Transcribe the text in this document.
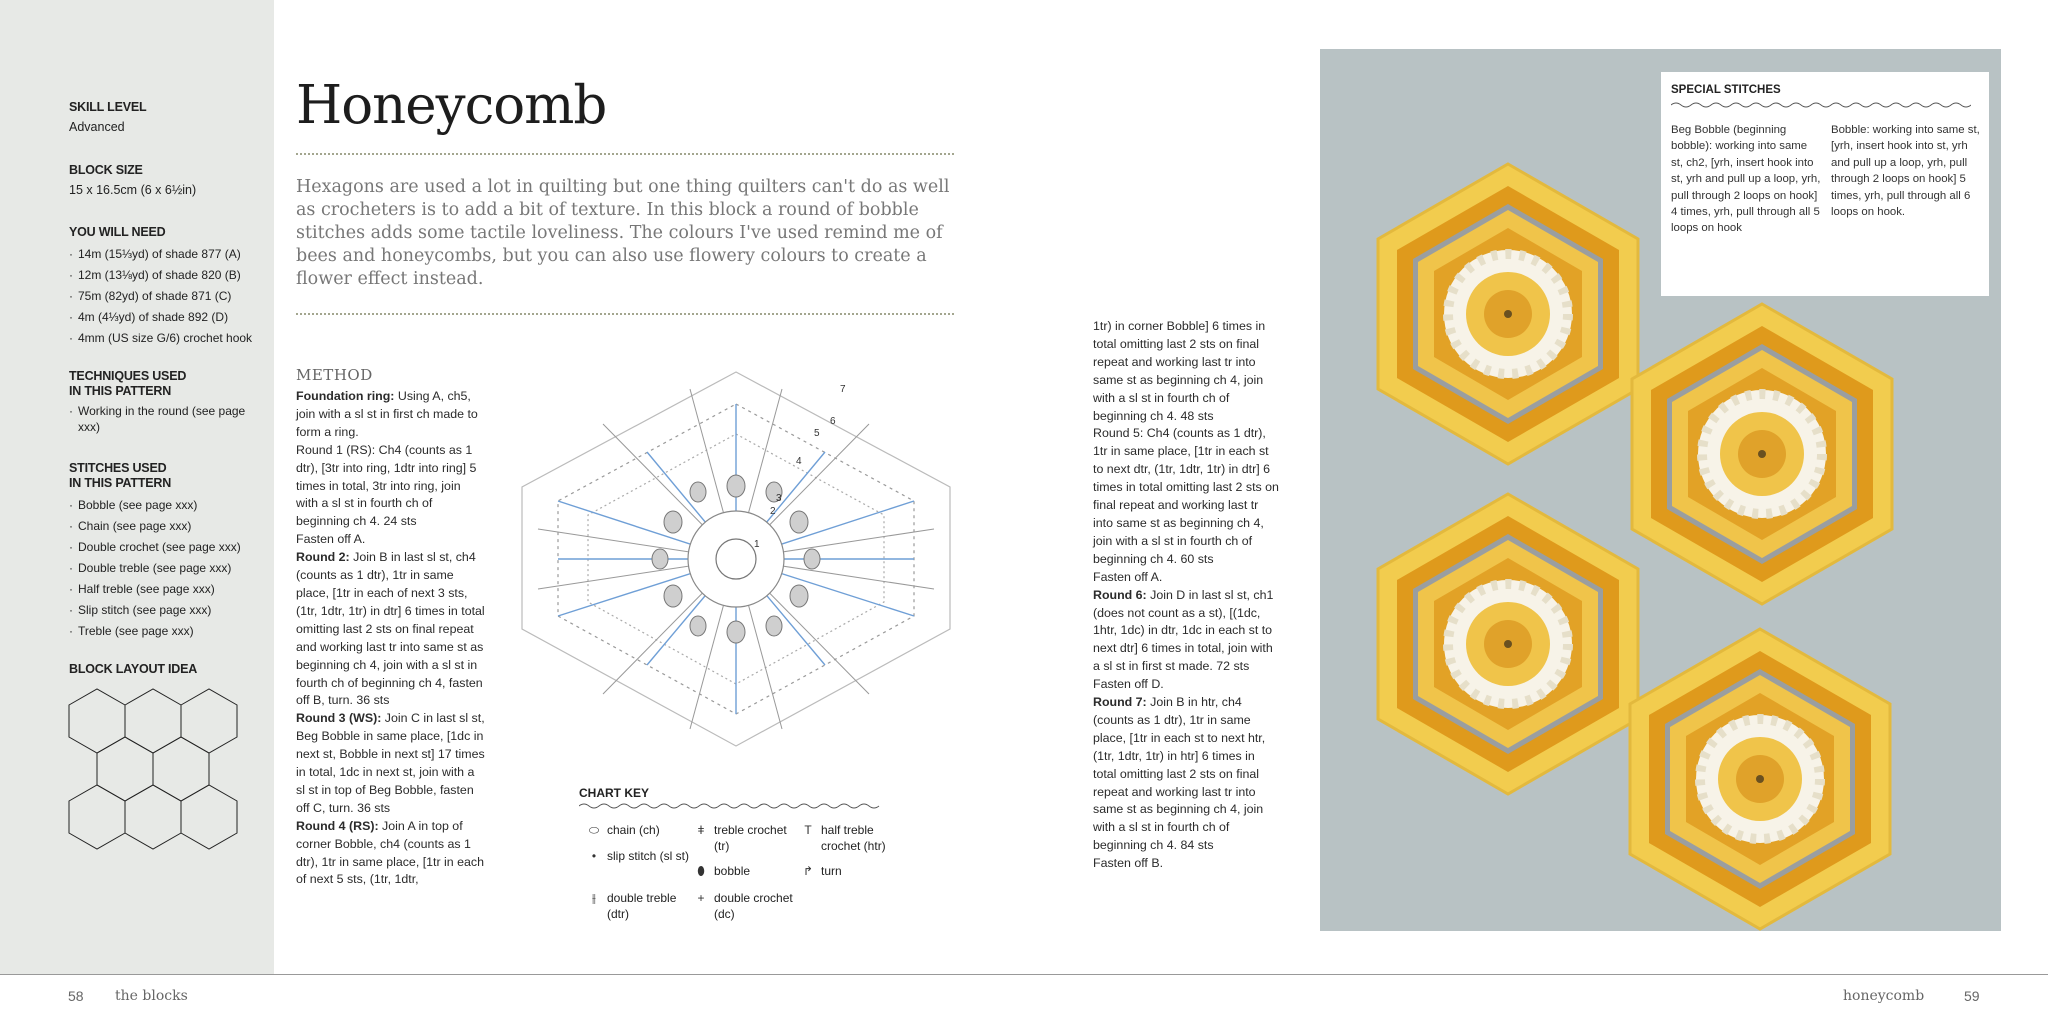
SKILL LEVEL
Advanced
BLOCK SIZE
15 x 16.5cm (6 x 6½in)
YOU WILL NEED
· 14m (15⅓yd) of shade 877 (A)
· 12m (13⅛yd) of shade 820 (B)
· 75m (82yd) of shade 871 (C)
· 4m (4⅓yd) of shade 892 (D)
· 4mm (US size G/6) crochet hook
TECHNIQUES USED
IN THIS PATTERN
· Working in the round (see page xxx)
STITCHES USED
IN THIS PATTERN
· Bobble (see page xxx)
· Chain (see page xxx)
· Double crochet (see page xxx)
· Double treble (see page xxx)
· Half treble (see page xxx)
· Slip stitch (see page xxx)
· Treble (see page xxx)
BLOCK LAYOUT IDEA
Honeycomb
Hexagons are used a lot in quilting but one thing quilters can't do as well as crocheters is to add a bit of texture. In this block a round of bobble stitches adds some tactile loveliness. The colours I've used remind me of bees and honeycombs, but you can also use flowery colours to create a flower effect instead.
METHOD

Foundation ring: Using A, ch5, join with a sl st in first ch made to form a ring.

Round 1 (RS): Ch4 (counts as 1 dtr), [3tr into ring, 1dtr into ring] 5 times in total, 3tr into ring, join with a sl st in fourth ch of beginning ch 4. 24 sts

Fasten off A.

Round 2: Join B in last sl st, ch4 (counts as 1 dtr), 1tr in same place, [1tr in each of next 3 sts, (1tr, 1dtr, 1tr) in dtr] 6 times in total omitting last 2 sts on final repeat and working last tr into same st as beginning ch 4, join with a sl st in fourth ch of beginning ch 4, fasten off B, turn. 36 sts

Round 3 (WS): Join C in last sl st, Beg Bobble in same place, [1dc in next st, Bobble in next st] 17 times in total, 1dc in next st, join with a sl st in top of Beg Bobble, fasten off C, turn. 36 sts

Round 4 (RS): Join A in top of corner Bobble, ch4 (counts as 1 dtr), 1tr in same place, [1tr in each of next 5 sts, (1tr, 1dtr,

1
2
3
4
5
6
7
CHART KEY
⬭ chain (ch)	ǂ treble crochet (tr)
T half treble crochet (htr)
• slip stitch (sl st)
⬮ bobble	↱ turn
⫲ double treble (dtr)
+ double crochet (dc)

1tr) in corner Bobble] 6 times in total omitting last 2 sts on final repeat and working last tr into same st as beginning ch 4, join with a sl st in fourth ch of beginning ch 4. 48 sts

Round 5: Ch4 (counts as 1 dtr), 1tr in same place, [1tr in each st to next dtr, (1tr, 1dtr, 1tr) in dtr] 6 times in total omitting last 2 sts on final repeat and working last tr into same st as beginning ch 4, join with a sl st in fourth ch of beginning ch 4. 60 sts

Fasten off A.

Round 6: Join D in last sl st, ch1 (does not count as a st), [(1dc, 1htr, 1dc) in dtr, 1dc in each st to next dtr] 6 times in total, join with a sl st in first st made. 72 sts

Fasten off D.

Round 7: Join B in htr, ch4 (counts as 1 dtr), 1tr in same place, [1tr in each st to next htr, (1tr, 1dtr, 1tr) in htr] 6 times in total omitting last 2 sts on final repeat and working last tr into same st as beginning ch 4, join with a sl st in fourth ch of beginning ch 4. 84 sts

Fasten off B.

SPECIAL STITCHES
Beg Bobble (beginning bobble): working into same st, ch2, [yrh, insert hook into st, yrh and pull up a loop, yrh, pull through 2 loops on hook] 4 times, yrh, pull through all 5 loops on hook
Bobble: working into same st, [yrh, insert hook into st, yrh and pull up a loop, yrh, pull through 2 loops on hook] 5 times, yrh, pull through all 6 loops on hook.
58 the blocks	honeycomb	59
